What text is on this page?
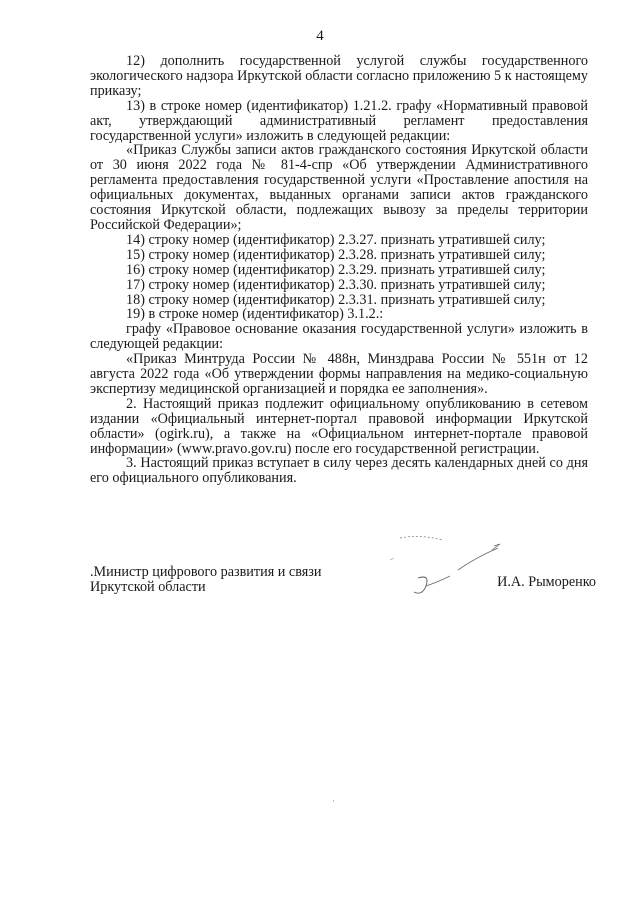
4

12) дополнить государственной услугой службы государственного экологического надзора Иркутской области согласно приложению 5 к настоящему приказу;

13) в строке номер (идентификатор) 1.21.2. графу «Нормативный правовой акт, утверждающий административный регламент предоставления государственной услуги» изложить в следующей редакции:

«Приказ Службы записи актов гражданского состояния Иркутской области от 30 июня 2022 года № 81-4-спр «Об утверждении Административного регламента предоставления государственной услуги «Проставление апостиля на официальных документах, выданных органами записи актов гражданского состояния Иркутской области, подлежащих вывозу за пределы территории Российской Федерации»;

14) строку номер (идентификатор) 2.3.27. признать утратившей силу;

15) строку номер (идентификатор) 2.3.28. признать утратившей силу;

16) строку номер (идентификатор) 2.3.29. признать утратившей силу;

17) строку номер (идентификатор) 2.3.30. признать утратившей силу;

18) строку номер (идентификатор) 2.3.31. признать утратившей силу;

19) в строке номер (идентификатор) 3.1.2.:

графу «Правовое основание оказания государственной услуги» изложить в следующей редакции:

«Приказ Минтруда России № 488н, Минздрава России № 551н от 12 августа 2022 года «Об утверждении формы направления на медико-социальную экспертизу медицинской организацией и порядка ее заполнения».

2. Настоящий приказ подлежит официальному опубликованию в сетевом издании «Официальный интернет-портал правовой информации Иркутской области» (ogirk.ru), а также на «Официальном интернет-портале правовой информации» (www.pravo.gov.ru) после его государственной регистрации.

3. Настоящий приказ вступает в силу через десять календарных дней со дня его официального опубликования.

.Министр цифрового развития и связи
Иркутской области	И.А. Рыморенко
